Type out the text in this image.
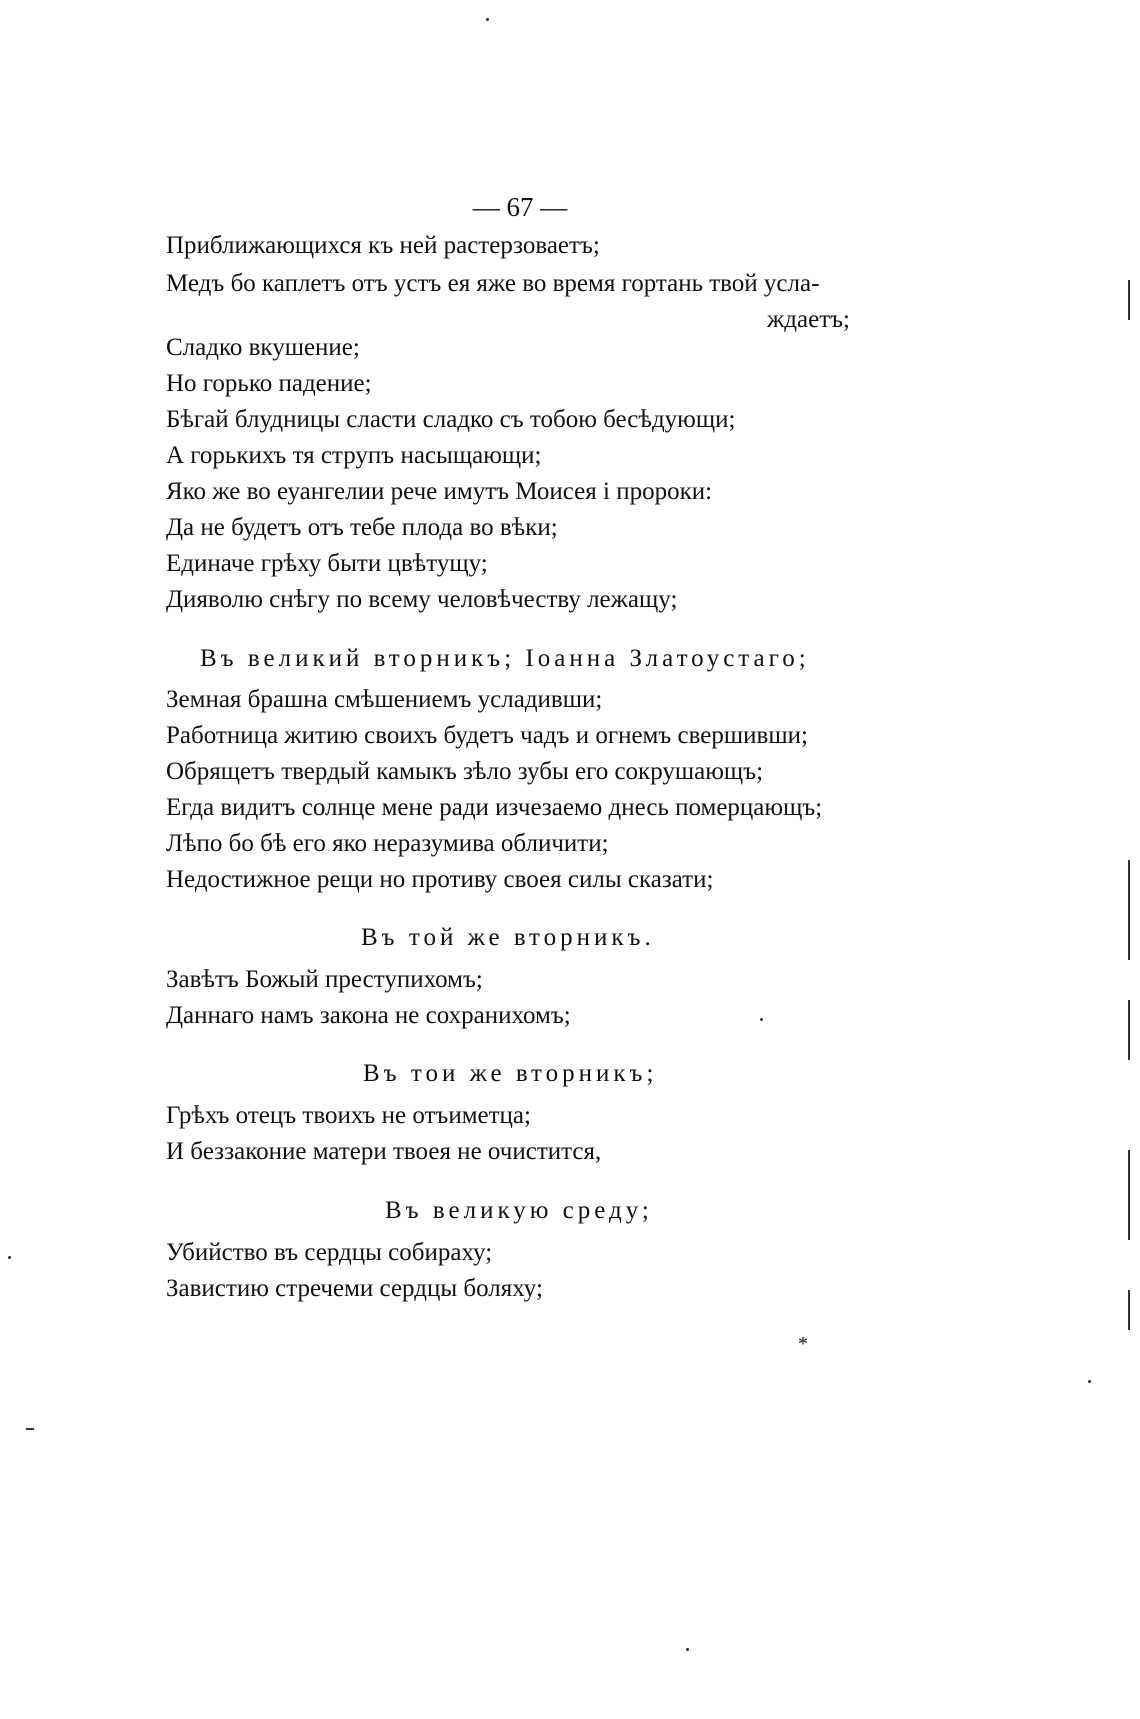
— 67 —
Приближающихся къ ней растерзоваетъ;
Медъ бо каплетъ отъ устъ ея яже во время гортань твой усла-
ждаетъ;
Сладко вкушение;
Но горько падение;
Бѣгай блудницы сласти сладко съ тобою бесѣдующи;
А горькихъ тя струпъ насыщающи;
Яко же во еуангелии рече имутъ Моисея і пророки:
Да не будетъ отъ тебе плода во вѣки;
Единаче грѣху быти цвѣтущу;
Дияволю снѣгу по всему человѣчеству лежащу;
Въ великий вторникъ; Іоанна Златоустаго;
Земная брашна смѣшениемъ усладивши;
Работница житию своихъ будетъ чадъ и огнемъ свершивши;
Обрящетъ твердый камыкъ зѣло зубы его сокрушающъ;
Егда видитъ солнце мене ради изчезаемо днесь померцающъ;
Лѣпо бо бѣ его яко неразумива обличити;
Недостижное рещи но противу своея силы сказати;
Въ той же вторникъ.
Завѣтъ Божый преступихомъ;
Даннаго намъ закона не сохранихомъ;
Въ тои же вторникъ;
Грѣхъ отецъ твоихъ не отъиметца;
И беззаконие матери твоея не очистится,
Въ великую среду;
Убийство въ сердцы собираху;
Завистию стречеми сердцы боляху;
*
